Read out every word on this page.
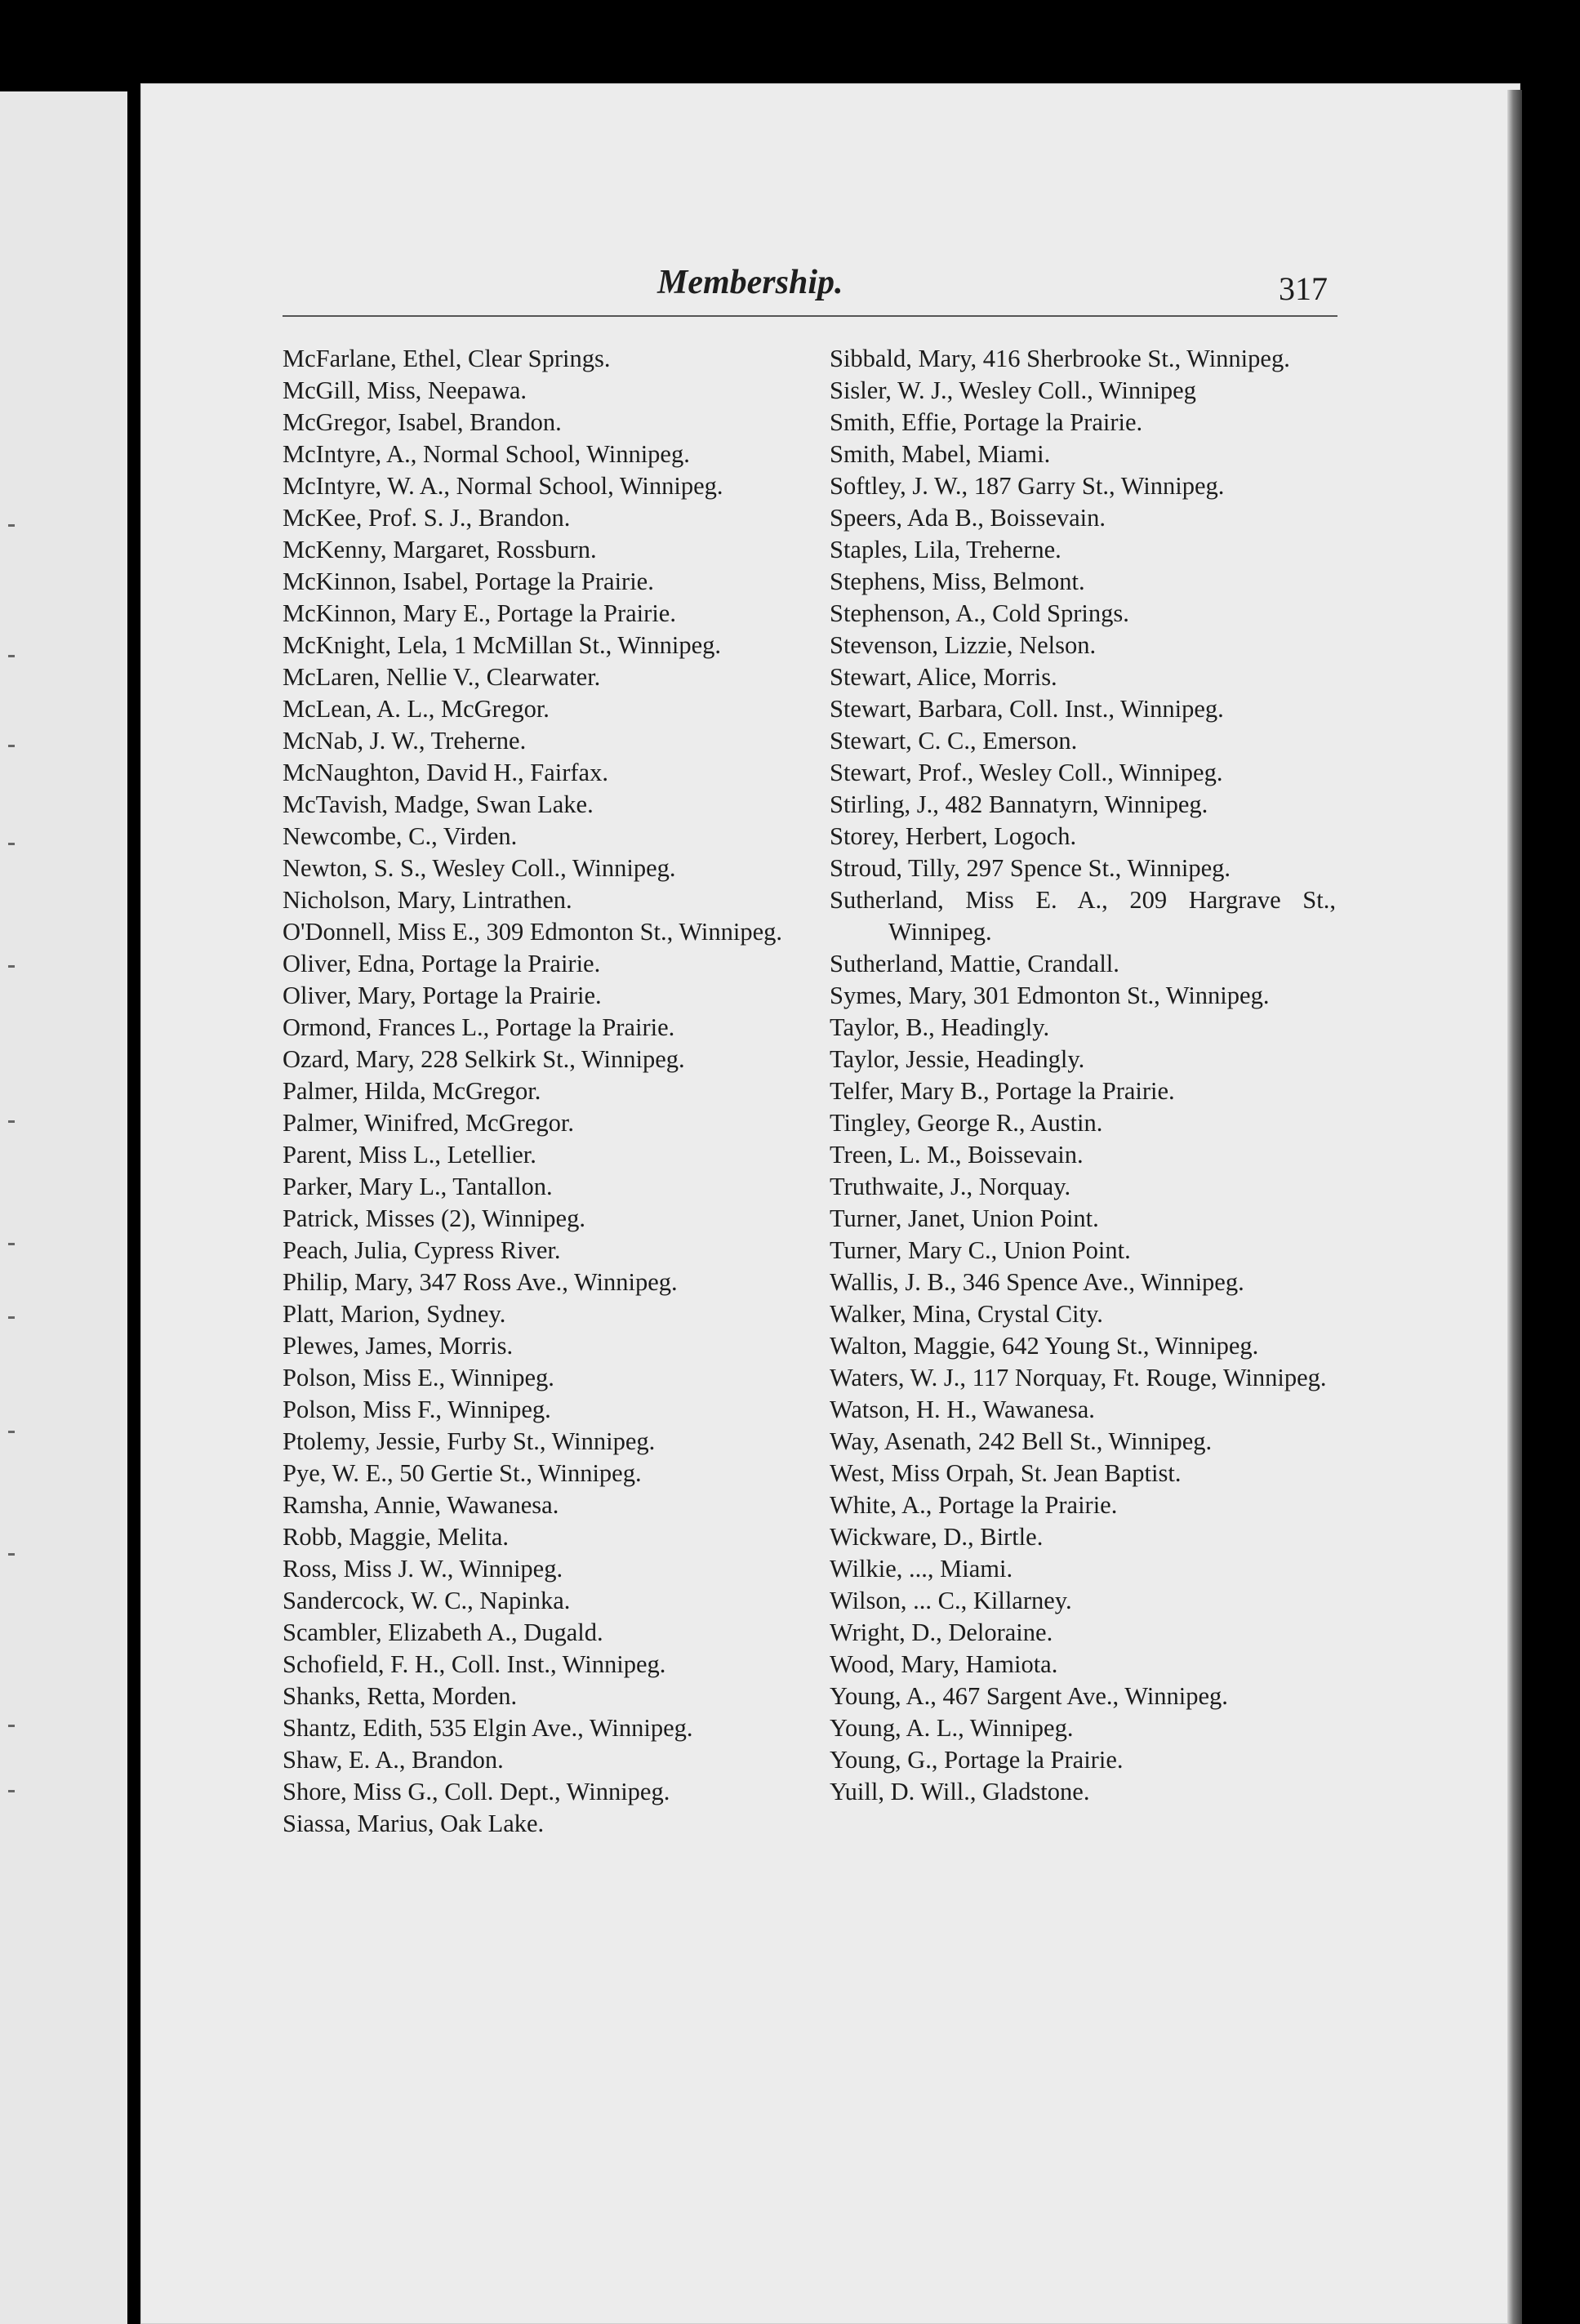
Membership.	317
McFarlane, Ethel, Clear Springs.
McGill, Miss, Neepawa.
McGregor, Isabel, Brandon.
McIntyre, A., Normal School, Winnipeg.
McIntyre, W. A., Normal School, Winnipeg.
McKee, Prof. S. J., Brandon.
McKenny, Margaret, Rossburn.
McKinnon, Isabel, Portage la Prairie.
McKinnon, Mary E., Portage la Prairie.
McKnight, Lela, 1 McMillan St., Winnipeg.
McLaren, Nellie V., Clearwater.
McLean, A. L., McGregor.
McNab, J. W., Treherne.
McNaughton, David H., Fairfax.
McTavish, Madge, Swan Lake.
Newcombe, C., Virden.
Newton, S. S., Wesley Coll., Winnipeg.
Nicholson, Mary, Lintrathen.
O'Donnell, Miss E., 309 Edmonton St., Winnipeg.
Oliver, Edna, Portage la Prairie.
Oliver, Mary, Portage la Prairie.
Ormond, Frances L., Portage la Prairie.
Ozard, Mary, 228 Selkirk St., Winnipeg.
Palmer, Hilda, McGregor.
Palmer, Winifred, McGregor.
Parent, Miss L., Letellier.
Parker, Mary L., Tantallon.
Patrick, Misses (2), Winnipeg.
Peach, Julia, Cypress River.
Philip, Mary, 347 Ross Ave., Winnipeg.
Platt, Marion, Sydney.
Plewes, James, Morris.
Polson, Miss E., Winnipeg.
Polson, Miss F., Winnipeg.
Ptolemy, Jessie, Furby St., Winnipeg.
Pye, W. E., 50 Gertie St., Winnipeg.
Ramsha, Annie, Wawanesa.
Robb, Maggie, Melita.
Ross, Miss J. W., Winnipeg.
Sandercock, W. C., Napinka.
Scambler, Elizabeth A., Dugald.
Schofield, F. H., Coll. Inst., Winnipeg.
Shanks, Retta, Morden.
Shantz, Edith, 535 Elgin Ave., Winnipeg.
Shaw, E. A., Brandon.
Shore, Miss G., Coll. Dept., Winnipeg.
Siassa, Marius, Oak Lake.
Sibbald, Mary, 416 Sherbrooke St., Winnipeg.
Sisler, W. J., Wesley Coll., Winnipeg
Smith, Effie, Portage la Prairie.
Smith, Mabel, Miami.
Softley, J. W., 187 Garry St., Winnipeg.
Speers, Ada B., Boissevain.
Staples, Lila, Treherne.
Stephens, Miss, Belmont.
Stephenson, A., Cold Springs.
Stevenson, Lizzie, Nelson.
Stewart, Alice, Morris.
Stewart, Barbara, Coll. Inst., Winnipeg.
Stewart, C. C., Emerson.
Stewart, Prof., Wesley Coll., Winnipeg.
Stirling, J., 482 Bannatyrn, Winnipeg.
Storey, Herbert, Logoch.
Stroud, Tilly, 297 Spence St., Winnipeg.
Sutherland, Miss E. A., 209 Hargrave St., Winnipeg.
Sutherland, Mattie, Crandall.
Symes, Mary, 301 Edmonton St., Winnipeg.
Taylor, B., Headingly.
Taylor, Jessie, Headingly.
Telfer, Mary B., Portage la Prairie.
Tingley, George R., Austin.
Treen, L. M., Boissevain.
Truthwaite, J., Norquay.
Turner, Janet, Union Point.
Turner, Mary C., Union Point.
Wallis, J. B., 346 Spence Ave., Winnipeg.
Walker, Mina, Crystal City.
Walton, Maggie, 642 Young St., Winnipeg.
Waters, W. J., 117 Norquay, Ft. Rouge, Winnipeg.
Watson, H. H., Wawanesa.
Way, Asenath, 242 Bell St., Winnipeg.
West, Miss Orpah, St. Jean Baptist.
White, A., Portage la Prairie.
Wickware, D., Birtle.
Wilkie, ..., Miami.
Wilson, ... C., Killarney.
Wright, D., Deloraine.
Wood, Mary, Hamiota.
Young, A., 467 Sargent Ave., Winnipeg.
Young, A. L., Winnipeg.
Young, G., Portage la Prairie.
Yuill, D. Will., Gladstone.
